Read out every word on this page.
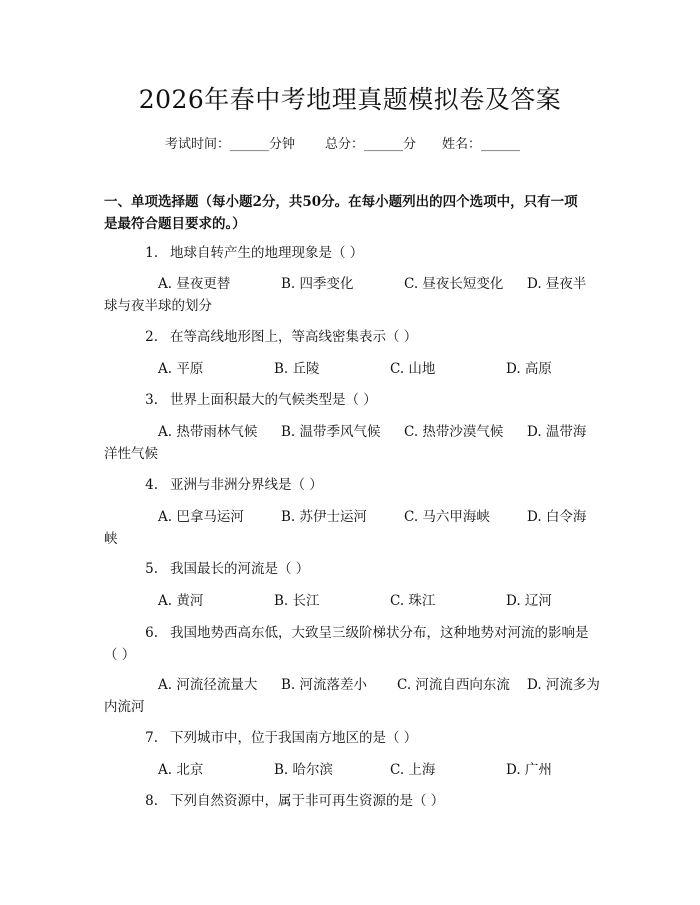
2026年春中考地理真题模拟卷及答案
考试时间：______分钟 总分：______分 姓名：______
一、单项选择题（每小题2分，共50分。在每小题列出的四个选项中，只有一项
是最符合题目要求的。）
1. 地球自转产生的地理现象是（ ）
A. 昼夜更替	B. 四季变化	C. 昼夜长短变化 D. 昼夜半
球与夜半球的划分
2. 在等高线地形图上，等高线密集表示（ ）
A. 平原	B. 丘陵	C. 山地	D. 高原
3. 世界上面积最大的气候类型是（ ）
A. 热带雨林气候 B. 温带季风气候 C. 热带沙漠气候 D. 温带海
洋性气候
4. 亚洲与非洲分界线是（ ）
A. 巴拿马运河	B. 苏伊士运河	C. 马六甲海峡	D. 白令海
峡
5. 我国最长的河流是（ ）
A. 黄河	B. 长江	C. 珠江	D. 辽河
6. 我国地势西高东低，大致呈三级阶梯状分布，这种地势对河流的影响是
（ ）
A. 河流径流量大 B. 河流落差小 C. 河流自西向东流 D. 河流多为
内流河
7. 下列城市中，位于我国南方地区的是（ ）
A. 北京	B. 哈尔滨	C. 上海	D. 广州
8. 下列自然资源中，属于非可再生资源的是（ ）
